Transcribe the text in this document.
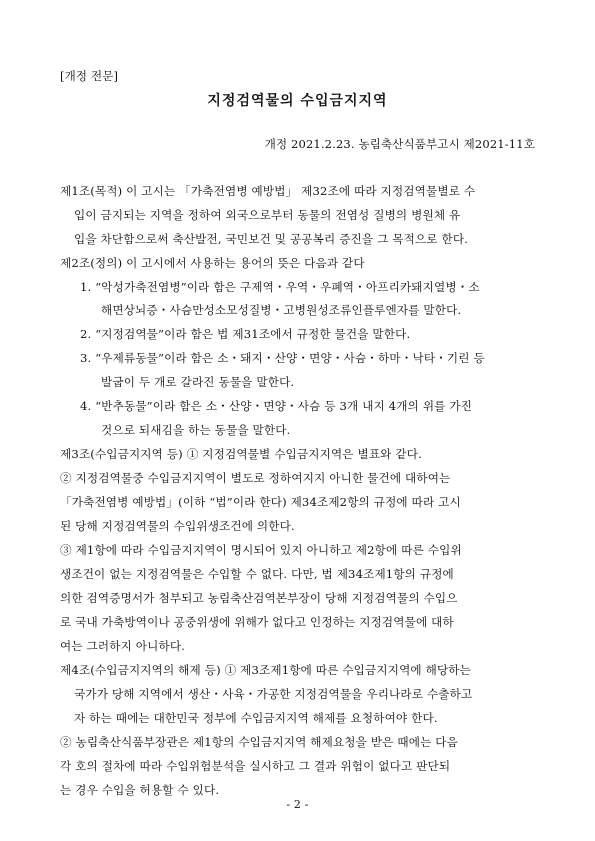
[개정 전문]
지정검역물의 수입금지지역
개정 2021.2.23. 농림축산식품부고시 제2021-11호
제1조(목적) 이 고시는 「가축전염병 예방법」 제32조에 따라 지정검역물별로 수
입이 금지되는 지역을 정하여 외국으로부터 동물의 전염성 질병의 병원체 유
입을 차단함으로써 축산발전, 국민보건 및 공공복리 증진을 그 목적으로 한다.
제2조(정의) 이 고시에서 사용하는 용어의 뜻은 다음과 같다
1. “악성가축전염병”이라 함은 구제역・우역・우폐역・아프리카돼지열병・소
해면상뇌증・사슴만성소모성질병・고병원성조류인플루엔자를 말한다.
2. “지정검역물”이라 함은 법 제31조에서 규정한 물건을 말한다.
3. “우제류동물”이라 함은 소・돼지・산양・면양・사슴・하마・낙타・기린 등
발굽이 두 개로 갈라진 동물을 말한다.
4. “반추동물”이라 함은 소・산양・면양・사슴 등 3개 내지 4개의 위를 가진
것으로 되새김을 하는 동물을 말한다.
제3조(수입금지지역 등) ① 지정검역물별 수입금지지역은 별표와 같다.
② 지정검역물중 수입금지지역이 별도로 정하여지지 아니한 물건에 대하여는
「가축전염병 예방법」(이하 “법”이라 한다) 제34조제2항의 규정에 따라 고시
된 당해 지정검역물의 수입위생조건에 의한다.
③ 제1항에 따라 수입금지지역이 명시되어 있지 아니하고 제2항에 따른 수입위
생조건이 없는 지정검역물은 수입할 수 없다. 다만, 법 제34조제1항의 규정에
의한 검역증명서가 첨부되고 농림축산검역본부장이 당해 지정검역물의 수입으
로 국내 가축방역이나 공중위생에 위해가 없다고 인정하는 지정검역물에 대하
여는 그러하지 아니하다.
제4조(수입금지지역의 해제 등) ① 제3조제1항에 따른 수입금지지역에 해당하는
국가가 당해 지역에서 생산・사육・가공한 지정검역물을 우리나라로 수출하고
자 하는 때에는 대한민국 정부에 수입금지지역 해제를 요청하여야 한다.
② 농림축산식품부장관은 제1항의 수입금지지역 해제요청을 받은 때에는 다음
각 호의 절차에 따라 수입위험분석을 실시하고 그 결과 위험이 없다고 판단되
는 경우 수입을 허용할 수 있다.
- 2 -
